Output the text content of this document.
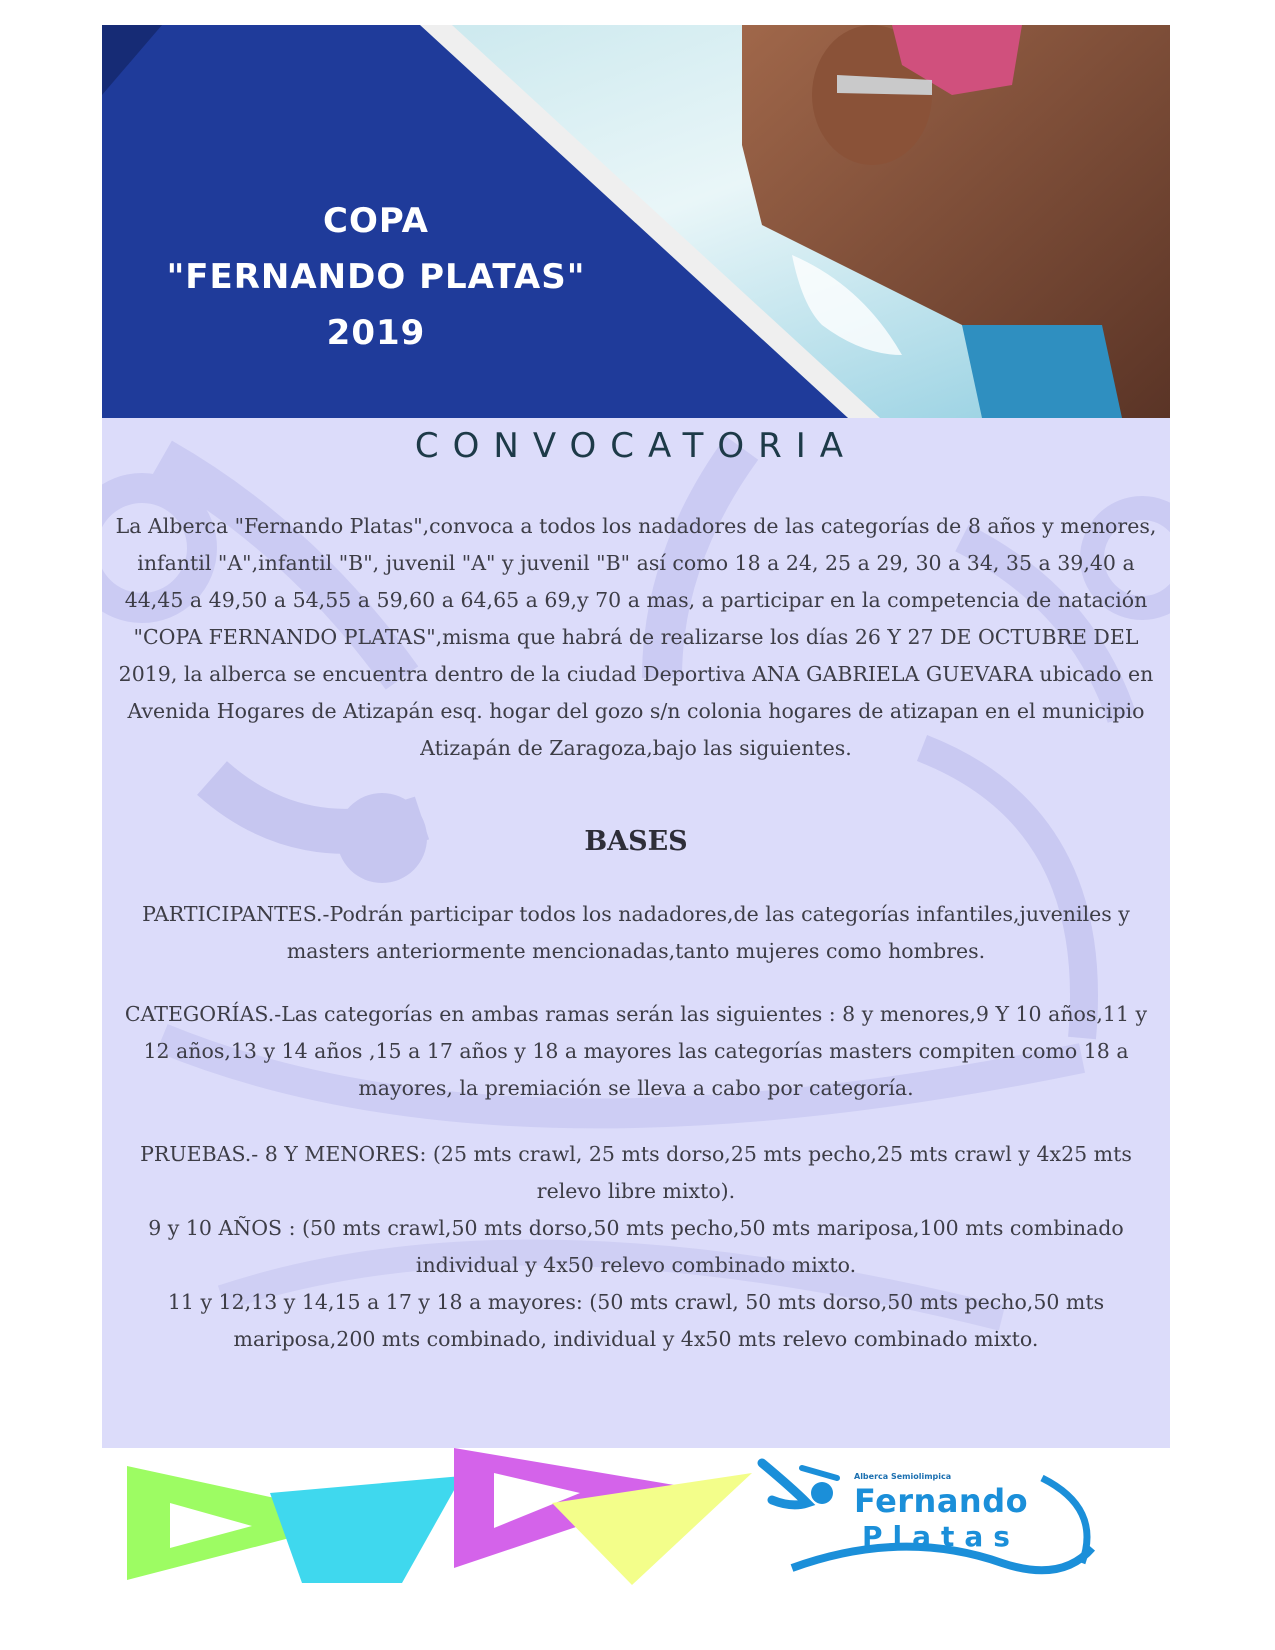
COPA
"FERNANDO PLATAS"
2019
CONVOCATORIA

La Alberca "Fernando Platas",convoca a todos los nadadores de las categorías de 8 años y menores, infantil "A",infantil "B", juvenil "A" y juvenil "B" así como 18 a 24, 25 a 29, 30 a 34, 35 a 39,40 a 44,45 a 49,50 a 54,55 a 59,60 a 64,65 a 69,y 70 a mas, a participar en la competencia de natación "COPA FERNANDO PLATAS",misma que habrá de realizarse los días 26 Y 27 DE OCTUBRE DEL 2019, la alberca se encuentra dentro de la ciudad Deportiva ANA GABRIELA GUEVARA ubicado en Avenida Hogares de Atizapán esq. hogar del gozo s/n colonia hogares de atizapan en el municipio Atizapán de Zaragoza,bajo las siguientes.

BASES

PARTICIPANTES.-Podrán participar todos los nadadores,de las categorías infantiles,juveniles y masters anteriormente mencionadas,tanto mujeres como hombres.

CATEGORÍAS.-Las categorías en ambas ramas serán las siguientes : 8 y menores,9 Y 10 años,11 y 12 años,13 y 14 años ,15 a 17 años y 18 a mayores las categorías masters compiten como 18 a mayores, la premiación se lleva a cabo por categoría.

PRUEBAS.- 8 Y MENORES: (25 mts crawl, 25 mts dorso,25 mts pecho,25 mts crawl y 4x25 mts relevo libre mixto).
9 y 10 AÑOS : (50 mts crawl,50 mts dorso,50 mts pecho,50 mts mariposa,100 mts combinado individual y 4x50 relevo combinado mixto.
11 y 12,13 y 14,15 a 17 y 18 a mayores: (50 mts crawl, 50 mts dorso,50 mts pecho,50 mts mariposa,200 mts combinado, individual y 4x50 mts relevo combinado mixto.
Alberca Semiolimpica
Fernando
Platas
